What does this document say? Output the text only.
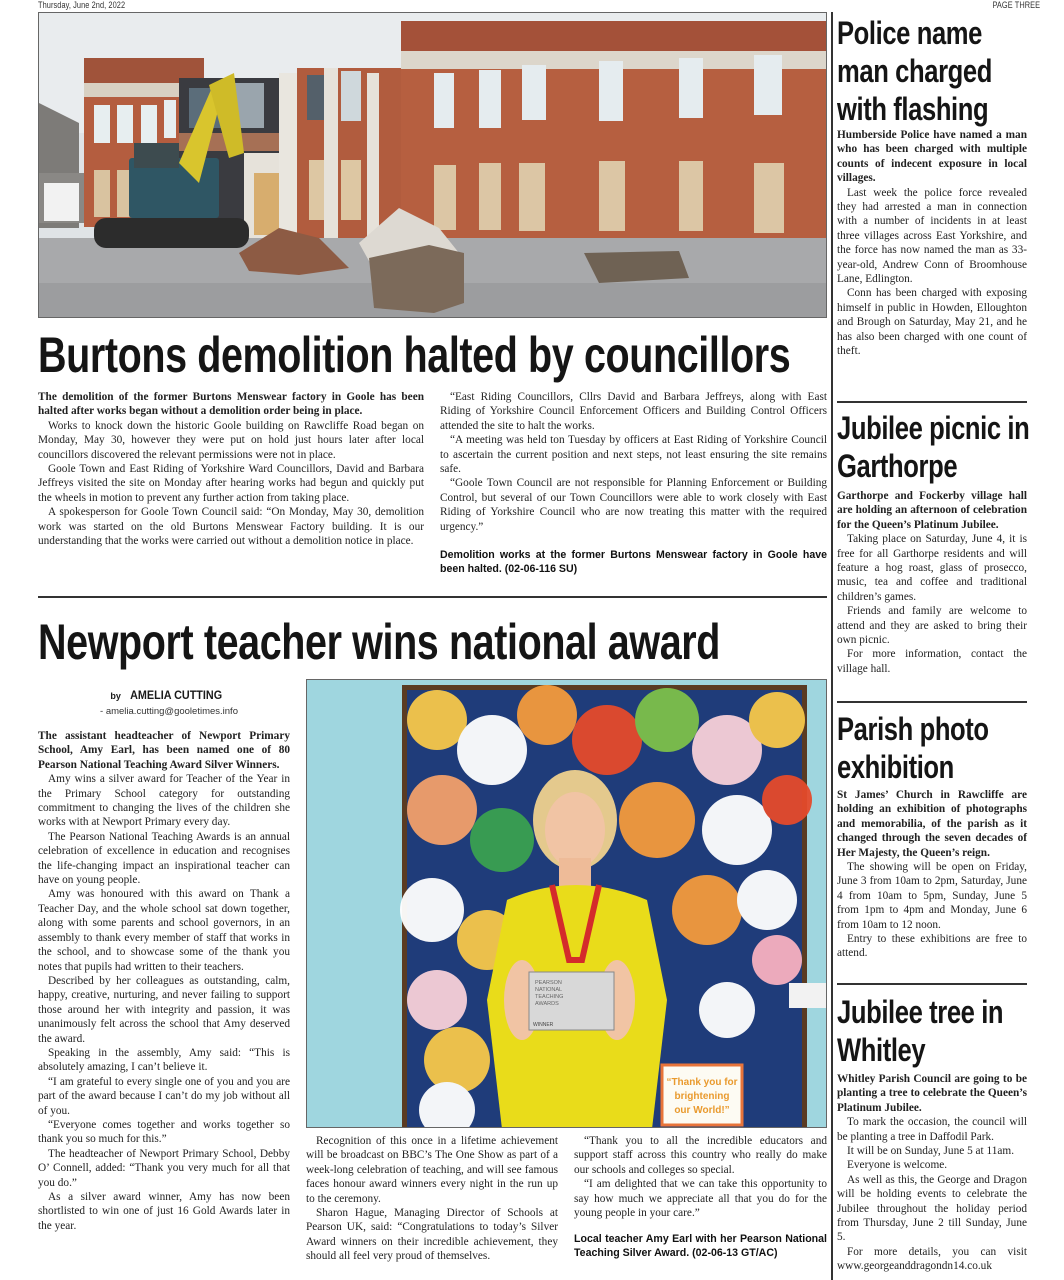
Thursday, June 2nd, 2022	PAGE THREE
Burtons demolition halted by councillors

The demolition of the former Burtons Menswear factory in Goole has been halted after works began without a demolition order being in place.

Works to knock down the historic Goole building on Rawcliffe Road began on Monday, May 30, however they were put on hold just hours later after local councillors discovered the relevant permissions were not in place.

Goole Town and East Riding of Yorkshire Ward Councillors, David and Barbara Jeffreys visited the site on Monday after hearing works had begun and quickly put the wheels in motion to prevent any further action from taking place.

A spokesperson for Goole Town Council said: “On Monday, May 30, demolition work was started on the old Burtons Menswear Factory building. It is our understanding that the works were carried out without a demolition notice in place.

“East Riding Councillors, Cllrs David and Barbara Jeffreys, along with East Riding of Yorkshire Council Enforcement Officers and Building Control Officers attended the site to halt the works.

“A meeting was held ton Tuesday by officers at East Riding of Yorkshire Council to ascertain the current position and next steps, not least ensuring the site remains safe.

“Goole Town Council are not responsible for Planning Enforcement or Building Control, but several of our Town Councillors were able to work closely with East Riding of Yorkshire Council who are now treating this matter with the required urgency.”

Demolition works at the former Burtons Menswear factory in Goole have been halted. (02-06-116 SU)
Newport teacher wins national award
by AMELIA CUTTING
- amelia.cutting@gooletimes.info

The assistant headteacher of Newport Primary School, Amy Earl, has been named one of 80 Pearson National Teaching Award Silver Winners.

Amy wins a silver award for Teacher of the Year in the Primary School category for outstanding commitment to changing the lives of the children she works with at Newport Primary every day.

The Pearson National Teaching Awards is an annual celebration of excellence in education and recognises the life-changing impact an inspirational teacher can have on young people.

Amy was honoured with this award on Thank a Teacher Day, and the whole school sat down together, along with some parents and school governors, in an assembly to thank every member of staff that works in the school, and to showcase some of the thank you notes that pupils had written to their teachers.

Described by her colleagues as outstanding, calm, happy, creative, nurturing, and never failing to support those around her with integrity and passion, it was unanimously felt across the school that Amy deserved the award.

Speaking in the assembly, Amy said: “This is absolutely amazing, I can’t believe it.

“I am grateful to every single one of you and you are part of the award because I can’t do my job without all of you.

“Everyone comes together and works together so thank you so much for this.”

The headteacher of Newport Primary School, Debby O’ Connell, added: “Thank you very much for all that you do.”

As a silver award winner, Amy has now been shortlisted to win one of just 16 Gold Awards later in the year.

“Thank you for
brightening
our World!”
PEARSON
NATIONAL
TEACHING
AWARDS
WINNER

Recognition of this once in a lifetime achievement will be broadcast on BBC’s The One Show as part of a week-long celebration of teaching, and will see famous faces honour award winners every night in the run up to the ceremony.

Sharon Hague, Managing Director of Schools at Pearson UK, said: “Congratulations to today’s Silver Award winners on their incredible achievement, they should all feel very proud of themselves.

“Thank you to all the incredible educators and support staff across this country who really do make our schools and colleges so special.

“I am delighted that we can take this opportunity to say how much we appreciate all that you do for the young people in your care.”

Local teacher Amy Earl with her Pearson National Teaching Silver Award. (02-06-13 GT/AC)
Police name man charged with flashing

Humberside Police have named a man who has been charged with multiple counts of indecent exposure in local villages.

Last week the police force revealed they had arrested a man in connection with a number of incidents in at least three villages across East Yorkshire, and the force has now named the man as 33-year-old, Andrew Conn of Broomhouse Lane, Edlington.

Conn has been charged with exposing himself in public in Howden, Elloughton and Brough on Saturday, May 21, and he has also been charged with one count of theft.

Jubilee picnic in Garthorpe

Garthorpe and Fockerby village hall are holding an afternoon of celebration for the Queen’s Platinum Jubilee.

Taking place on Saturday, June 4, it is free for all Garthorpe residents and will feature a hog roast, glass of prosecco, music, tea and coffee and traditional children’s games.

Friends and family are welcome to attend and they are asked to bring their own picnic.

For more information, contact the village hall.

Parish photo exhibition

St James’ Church in Rawcliffe are holding an exhibition of photographs and memorabilia, of the parish as it changed through the seven decades of Her Majesty, the Queen’s reign.

The showing will be open on Friday, June 3 from 10am to 2pm, Saturday, June 4 from 10am to 5pm, Sunday, June 5 from 1pm to 4pm and Monday, June 6 from 10am to 12 noon.

Entry to these exhibitions are free to attend.

Jubilee tree in Whitley

Whitley Parish Council are going to be planting a tree to celebrate the Queen’s Platinum Jubilee.

To mark the occasion, the council will be planting a tree in Daffodil Park.

It will be on Sunday, June 5 at 11am.

Everyone is welcome.

As well as this, the George and Dragon will be holding events to celebrate the Jubilee throughout the holiday period from Thursday, June 2 till Sunday, June 5.

For more details, you can visit www.georgeanddragondn14.co.uk
